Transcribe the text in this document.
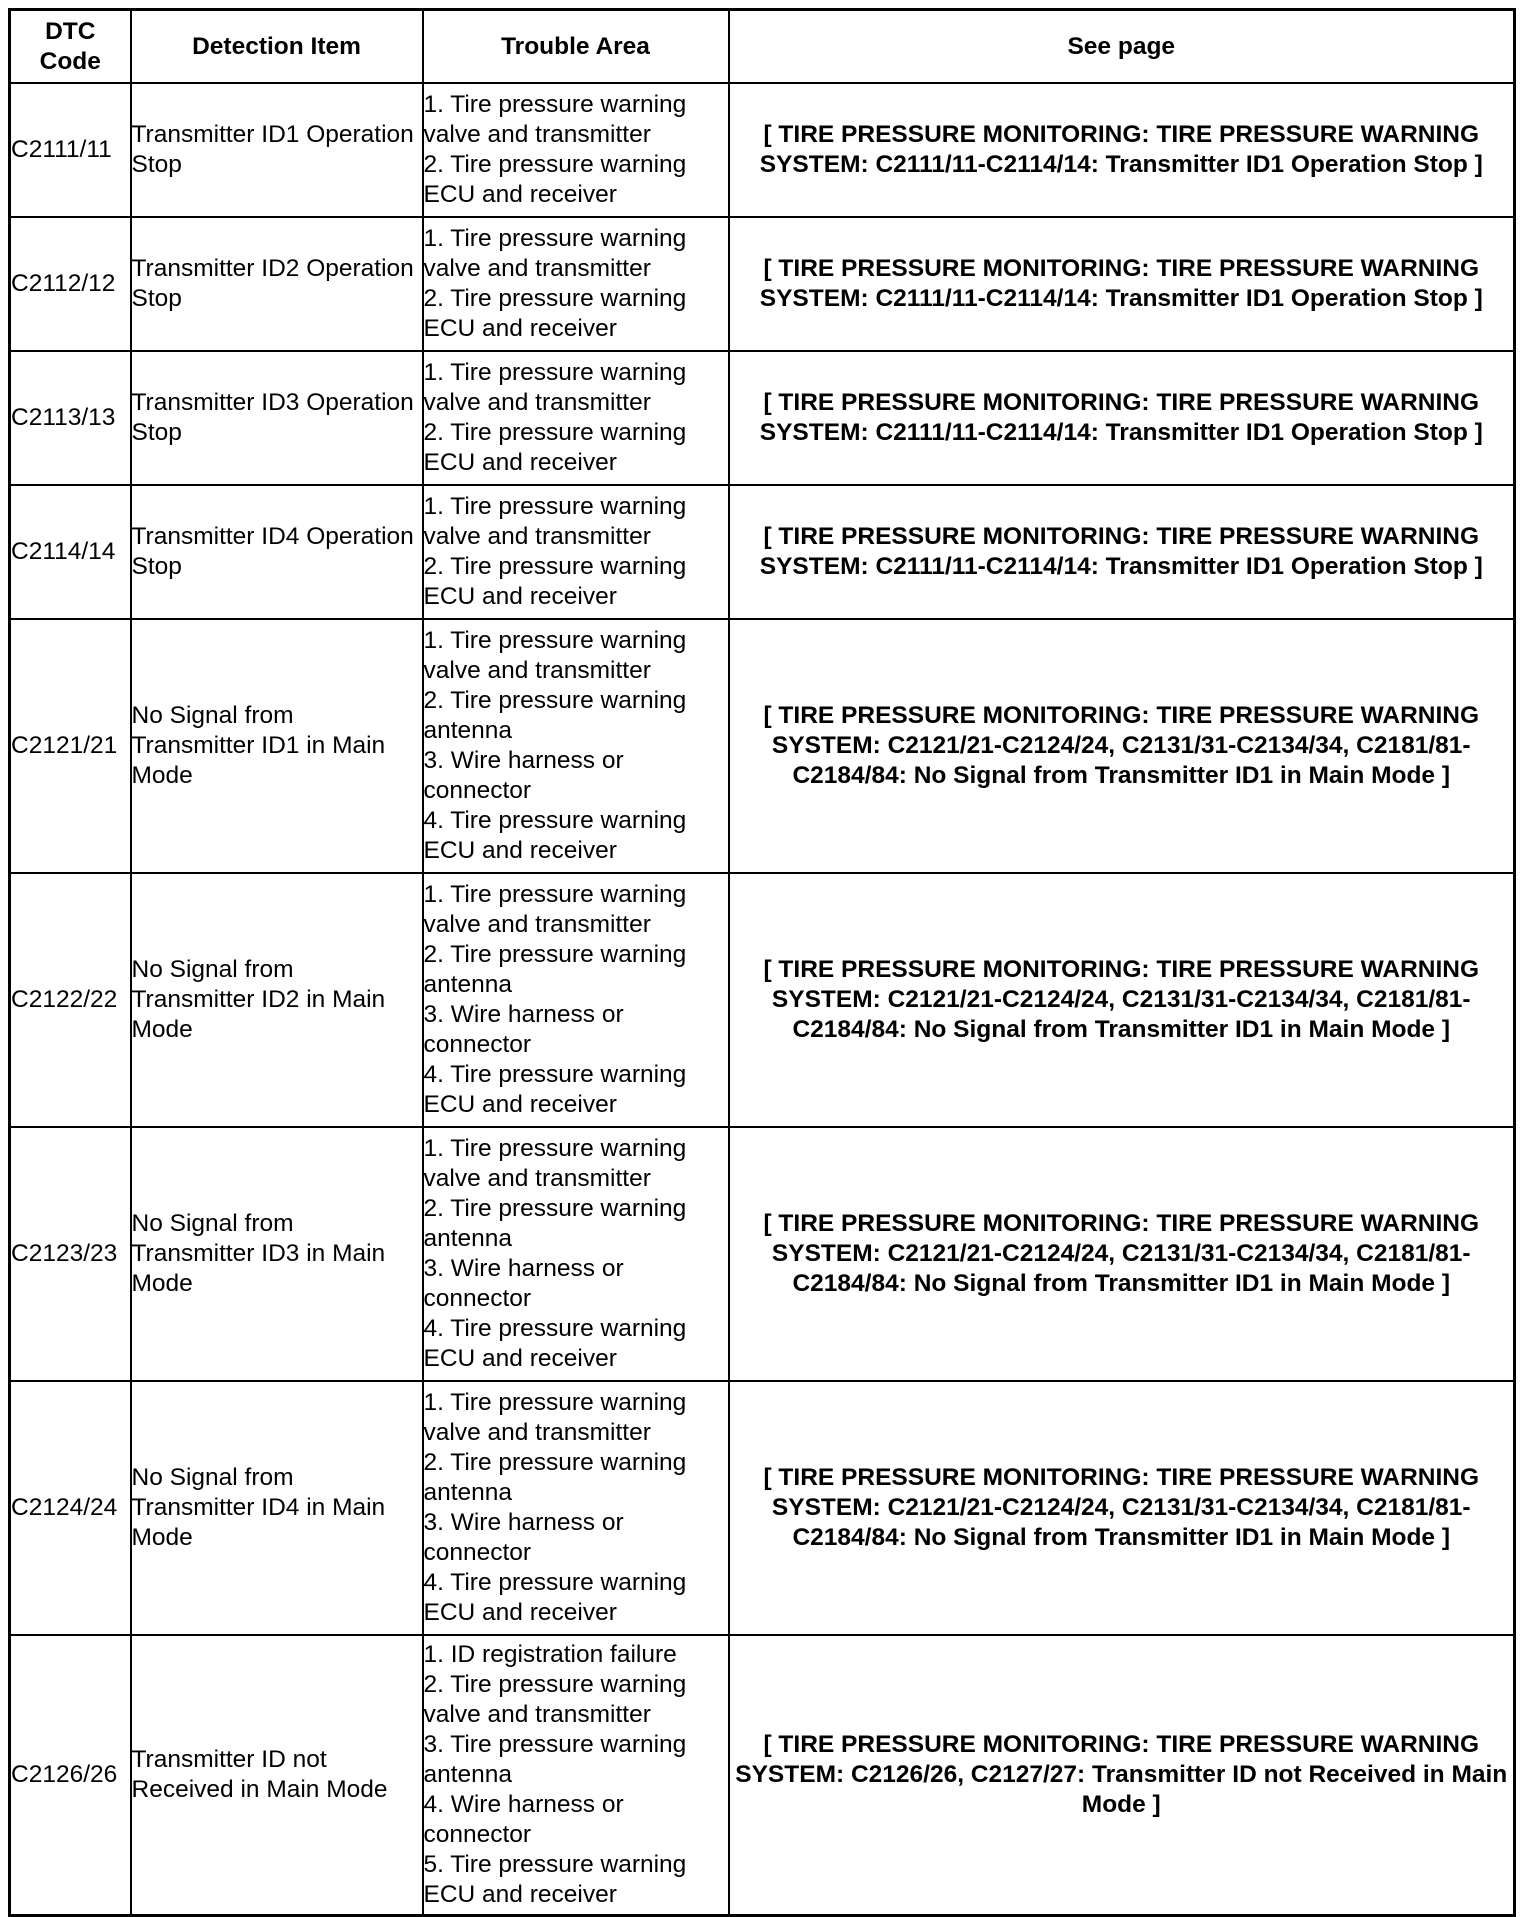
DTC
Code	Detection Item	Trouble Area	See page
C2111/11	Transmitter ID1 Operation Stop	1. Tire pressure warning valve and transmitter
2. Tire pressure warning ECU and receiver	[ TIRE PRESSURE MONITORING: TIRE PRESSURE WARNING SYSTEM: C2111/11-C2114/14: Transmitter ID1 Operation Stop ]
C2112/12	Transmitter ID2 Operation Stop	1. Tire pressure warning valve and transmitter
2. Tire pressure warning ECU and receiver	[ TIRE PRESSURE MONITORING: TIRE PRESSURE WARNING SYSTEM: C2111/11-C2114/14: Transmitter ID1 Operation Stop ]
C2113/13	Transmitter ID3 Operation Stop	1. Tire pressure warning valve and transmitter
2. Tire pressure warning ECU and receiver	[ TIRE PRESSURE MONITORING: TIRE PRESSURE WARNING SYSTEM: C2111/11-C2114/14: Transmitter ID1 Operation Stop ]
C2114/14	Transmitter ID4 Operation Stop	1. Tire pressure warning valve and transmitter
2. Tire pressure warning ECU and receiver	[ TIRE PRESSURE MONITORING: TIRE PRESSURE WARNING SYSTEM: C2111/11-C2114/14: Transmitter ID1 Operation Stop ]
C2121/21	No Signal from Transmitter ID1 in Main Mode	1. Tire pressure warning valve and transmitter
2. Tire pressure warning antenna
3. Wire harness or connector
4. Tire pressure warning ECU and receiver	[ TIRE PRESSURE MONITORING: TIRE PRESSURE WARNING SYSTEM: C2121/21-C2124/24, C2131/31-C2134/34, C2181/81-C2184/84: No Signal from Transmitter ID1 in Main Mode ]
C2122/22	No Signal from Transmitter ID2 in Main Mode	1. Tire pressure warning valve and transmitter
2. Tire pressure warning antenna
3. Wire harness or connector
4. Tire pressure warning ECU and receiver	[ TIRE PRESSURE MONITORING: TIRE PRESSURE WARNING SYSTEM: C2121/21-C2124/24, C2131/31-C2134/34, C2181/81-C2184/84: No Signal from Transmitter ID1 in Main Mode ]
C2123/23	No Signal from Transmitter ID3 in Main Mode	1. Tire pressure warning valve and transmitter
2. Tire pressure warning antenna
3. Wire harness or connector
4. Tire pressure warning ECU and receiver	[ TIRE PRESSURE MONITORING: TIRE PRESSURE WARNING SYSTEM: C2121/21-C2124/24, C2131/31-C2134/34, C2181/81-C2184/84: No Signal from Transmitter ID1 in Main Mode ]
C2124/24	No Signal from Transmitter ID4 in Main Mode	1. Tire pressure warning valve and transmitter
2. Tire pressure warning antenna
3. Wire harness or connector
4. Tire pressure warning ECU and receiver	[ TIRE PRESSURE MONITORING: TIRE PRESSURE WARNING SYSTEM: C2121/21-C2124/24, C2131/31-C2134/34, C2181/81-C2184/84: No Signal from Transmitter ID1 in Main Mode ]
C2126/26	Transmitter ID not Received in Main Mode	1. ID registration failure
2. Tire pressure warning valve and transmitter
3. Tire pressure warning antenna
4. Wire harness or connector
5. Tire pressure warning ECU and receiver	[ TIRE PRESSURE MONITORING: TIRE PRESSURE WARNING SYSTEM: C2126/26, C2127/27: Transmitter ID not Received in Main Mode ]
